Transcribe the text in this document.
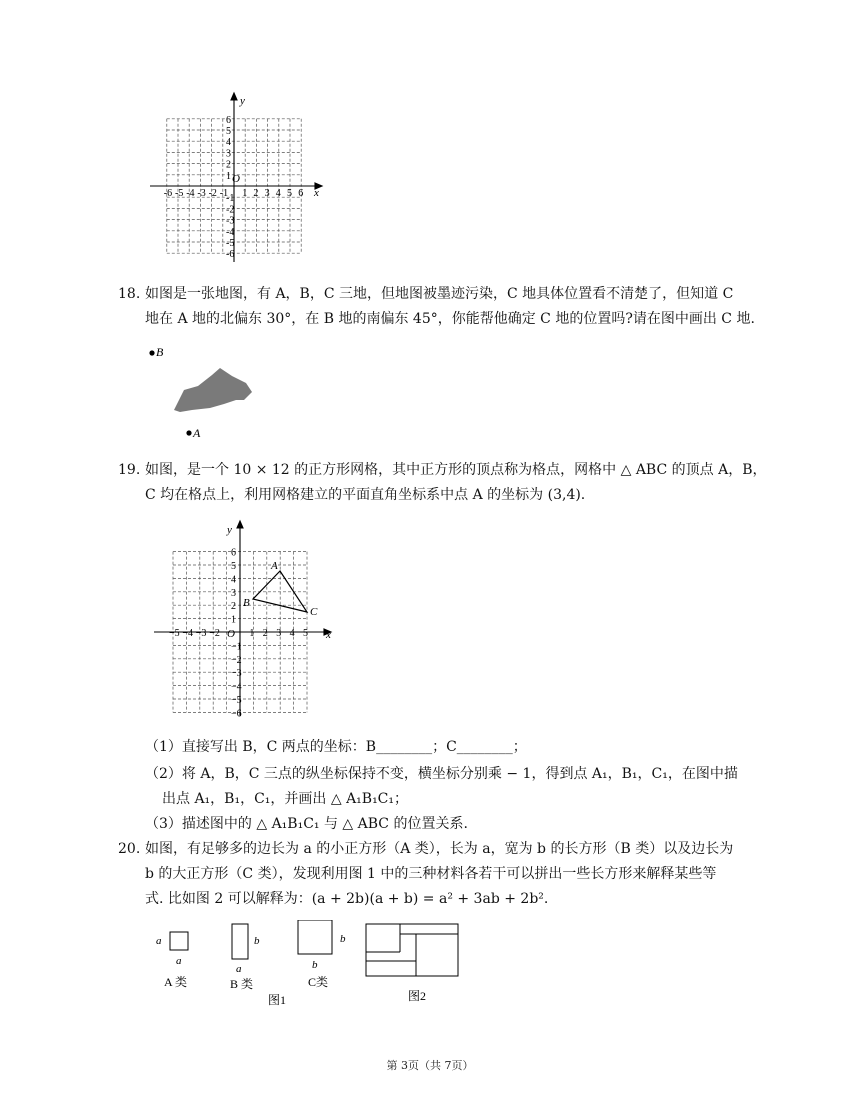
y
x
O
-6 -5 -4 -3 -2 -1 1 2 3 4 5 6
6
5
4
3
2
1
-1
-2
-3
-4
-5
-6
18. 如图是一张地图，有 A，B，C 三地，但地图被墨迹污染，C 地具体位置看不清楚了，但知道 C
地在 A 地的北偏东 30°，在 B 地的南偏东 45°，你能帮他确定 C 地的位置吗?请在图中画出 C 地.
B
A
19. 如图，是一个 10 × 12 的正方形网格，其中正方形的顶点称为格点，网格中 △ ABC 的顶点 A，B，
C 均在格点上，利用网格建立的平面直角坐标系中点 A 的坐标为 (3,4).
A
B
C
y
x
O
−5 −4 −3 −2	1 2 3 4 5
6
5
4
3
2
1
−1
−2
−3
−4
−5
−6
（1）直接写出 B，C 两点的坐标：B________；C________；
（2）将 A，B，C 三点的纵坐标保持不变，横坐标分别乘 − 1，得到点 A₁，B₁，C₁，在图中描
出点 A₁，B₁，C₁，并画出 △ A₁B₁C₁；
（3）描述图中的 △ A₁B₁C₁ 与 △ ABC 的位置关系.
20. 如图，有足够多的边长为 a 的小正方形（A 类），长为 a，宽为 b 的长方形（B 类）以及边长为
b 的大正方形（C 类），发现利用图 1 中的三种材料各若干可以拼出一些长方形来解释某些等
式. 比如图 2 可以解释为：(a + 2b)(a + b) = a² + 3ab + 2b².
a
a
A 类
b
a
B 类
b
b
C类
图1	图2
第 3页（共 7页）
